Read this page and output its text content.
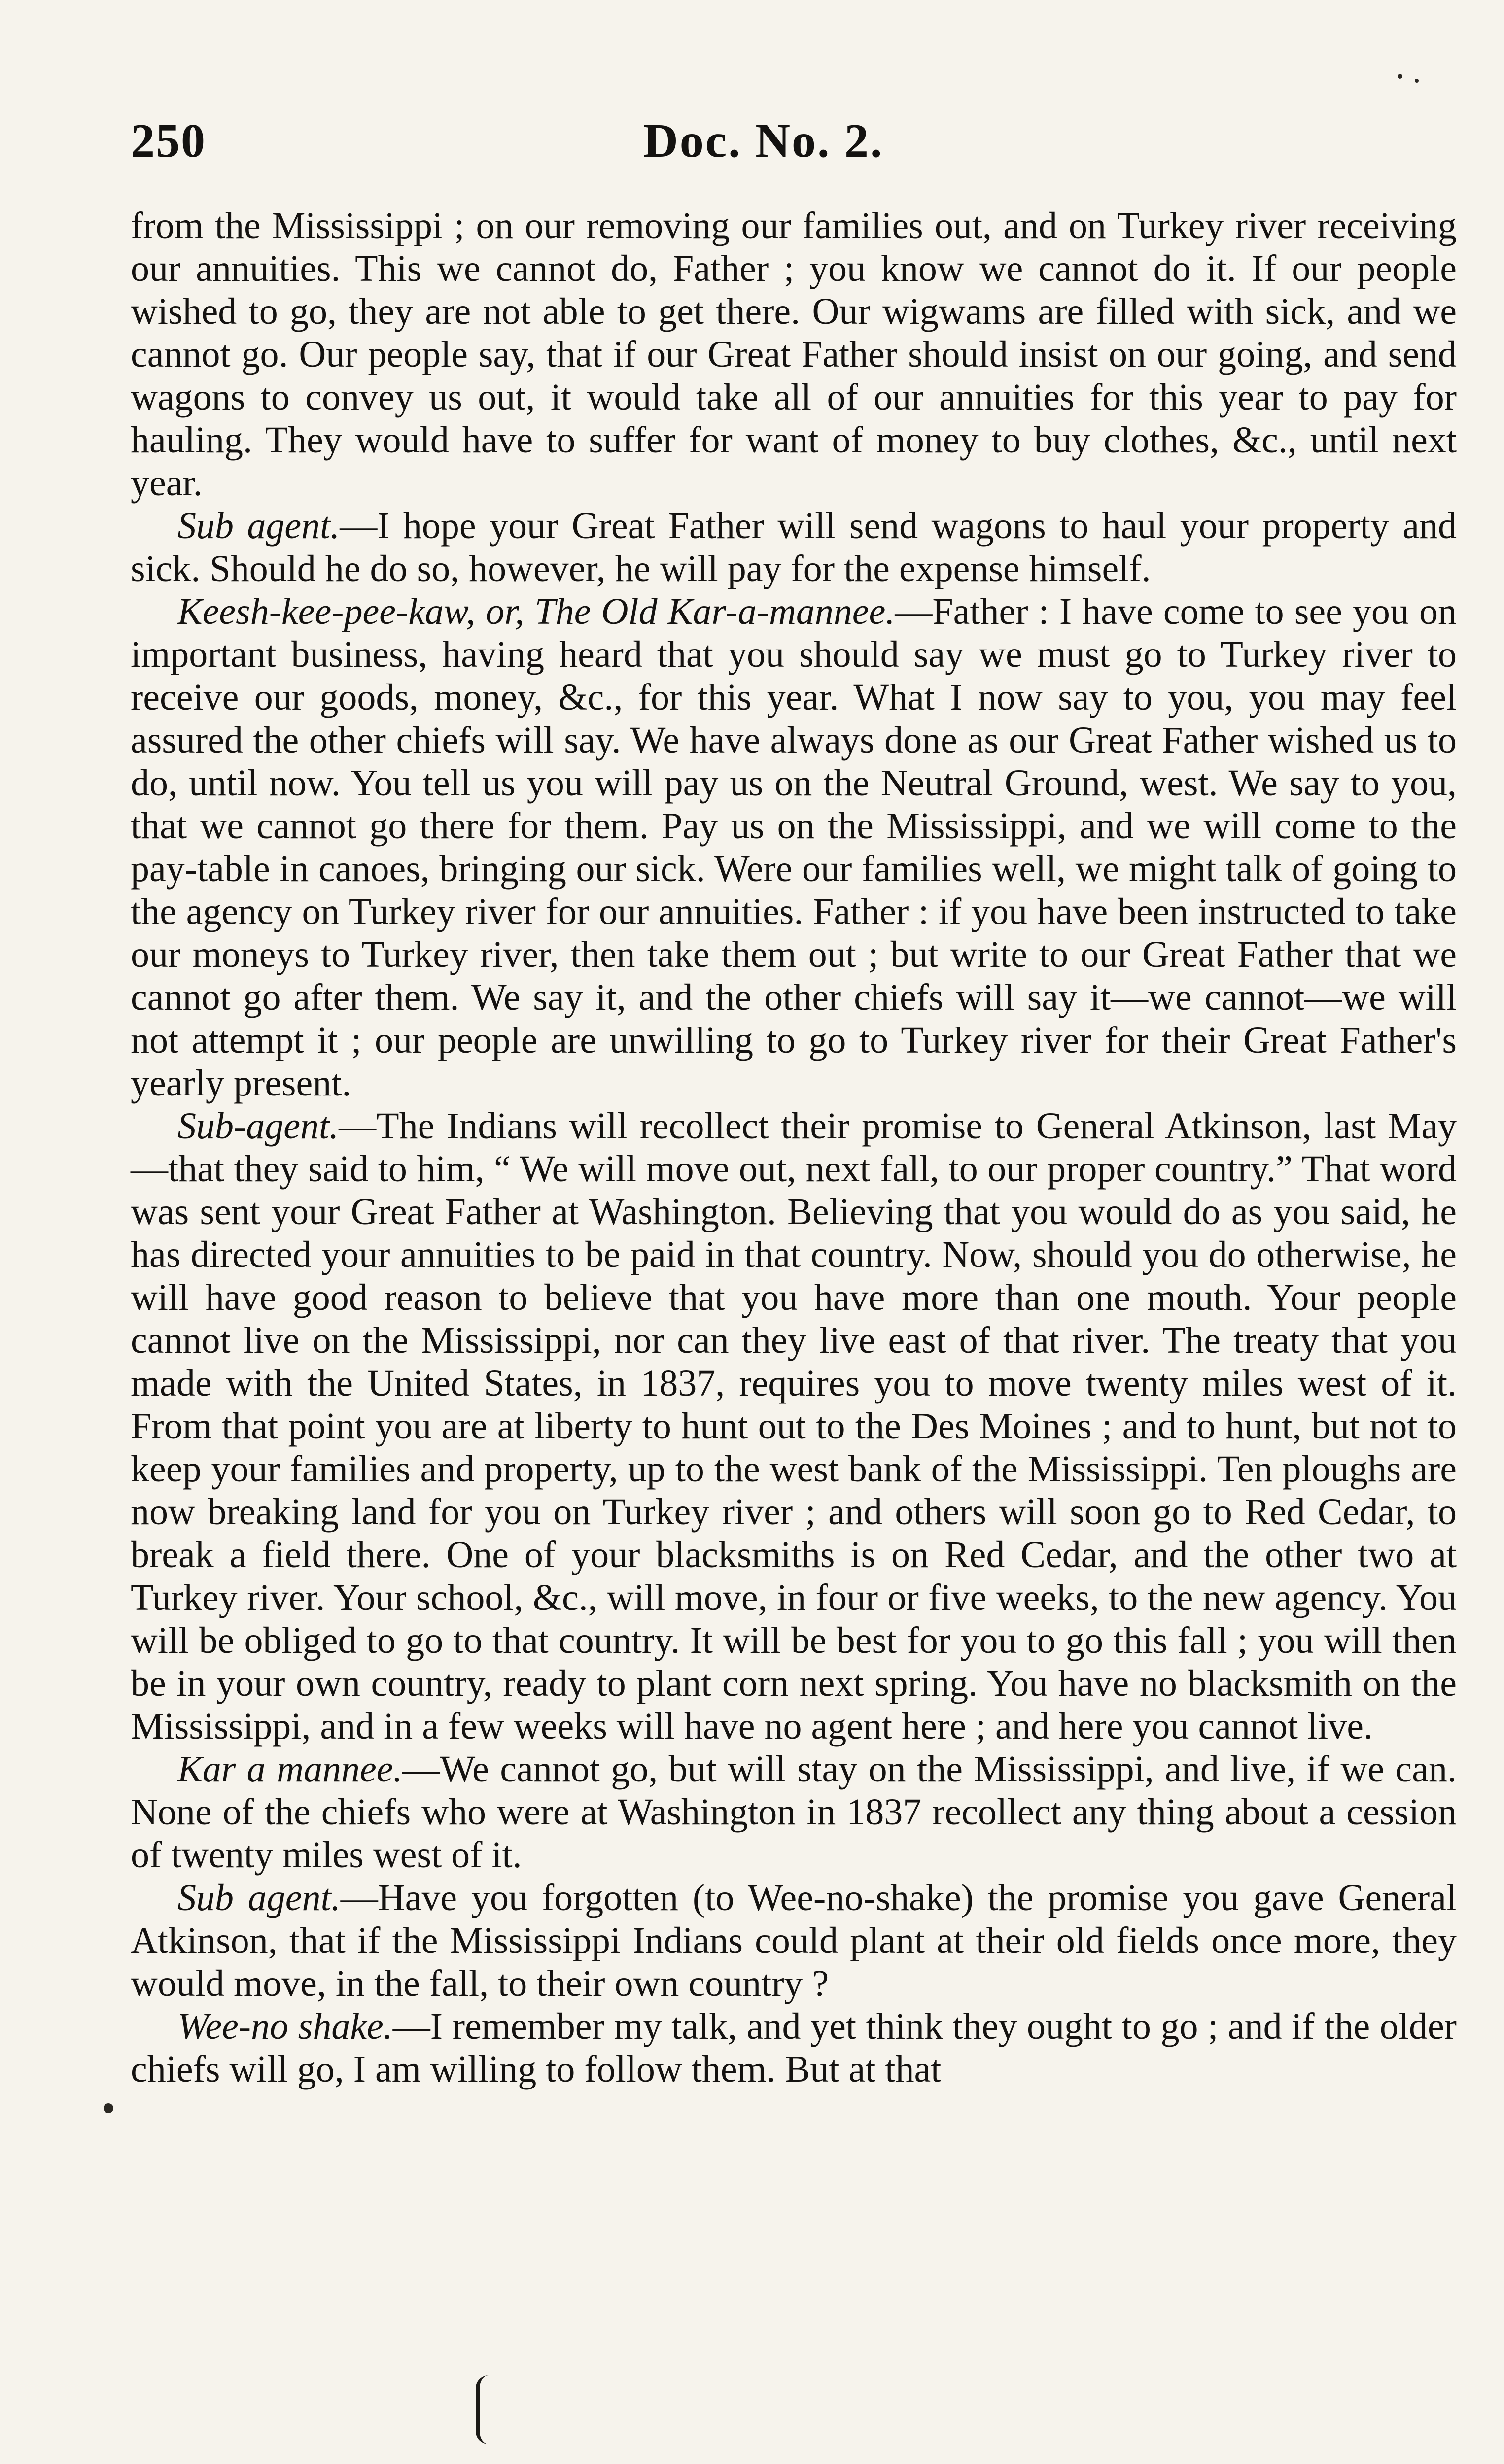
250	Doc. No. 2.

from the Mississippi ; on our removing our families out, and on Turkey river receiving our annuities. This we cannot do, Father ; you know we cannot do it. If our people wished to go, they are not able to get there. Our wigwams are filled with sick, and we cannot go. Our people say, that if our Great Father should insist on our going, and send wagons to convey us out, it would take all of our annuities for this year to pay for hauling. They would have to suffer for want of money to buy clothes, &c., until next year.

Sub agent.—I hope your Great Father will send wagons to haul your property and sick. Should he do so, however, he will pay for the expense himself.

Keesh-kee-pee-kaw, or, The Old Kar-a-mannee.—Father : I have come to see you on important business, having heard that you should say we must go to Turkey river to receive our goods, money, &c., for this year. What I now say to you, you may feel assured the other chiefs will say. We have always done as our Great Father wished us to do, until now. You tell us you will pay us on the Neutral Ground, west. We say to you, that we cannot go there for them. Pay us on the Mississippi, and we will come to the pay-table in canoes, bringing our sick. Were our families well, we might talk of going to the agency on Turkey river for our annuities. Father : if you have been instructed to take our moneys to Turkey river, then take them out ; but write to our Great Father that we cannot go after them. We say it, and the other chiefs will say it—we cannot—we will not attempt it ; our people are unwilling to go to Turkey river for their Great Father's yearly present.

Sub-agent.—The Indians will recollect their promise to General Atkinson, last May—that they said to him, “ We will move out, next fall, to our proper country.” That word was sent your Great Father at Washington. Believing that you would do as you said, he has directed your annuities to be paid in that country. Now, should you do otherwise, he will have good reason to believe that you have more than one mouth. Your people cannot live on the Mississippi, nor can they live east of that river. The treaty that you made with the United States, in 1837, requires you to move twenty miles west of it. From that point you are at liberty to hunt out to the Des Moines ; and to hunt, but not to keep your families and property, up to the west bank of the Mississippi. Ten ploughs are now breaking land for you on Turkey river ; and others will soon go to Red Cedar, to break a field there. One of your blacksmiths is on Red Cedar, and the other two at Turkey river. Your school, &c., will move, in four or five weeks, to the new agency. You will be obliged to go to that country. It will be best for you to go this fall ; you will then be in your own country, ready to plant corn next spring. You have no blacksmith on the Mississippi, and in a few weeks will have no agent here ; and here you cannot live.

Kar a mannee.—We cannot go, but will stay on the Mississippi, and live, if we can. None of the chiefs who were at Washington in 1837 recollect any thing about a cession of twenty miles west of it.

Sub agent.—Have you forgotten (to Wee-no-shake) the promise you gave General Atkinson, that if the Mississippi Indians could plant at their old fields once more, they would move, in the fall, to their own country ?

Wee-no shake.—I remember my talk, and yet think they ought to go ; and if the older chiefs will go, I am willing to follow them. But at that
